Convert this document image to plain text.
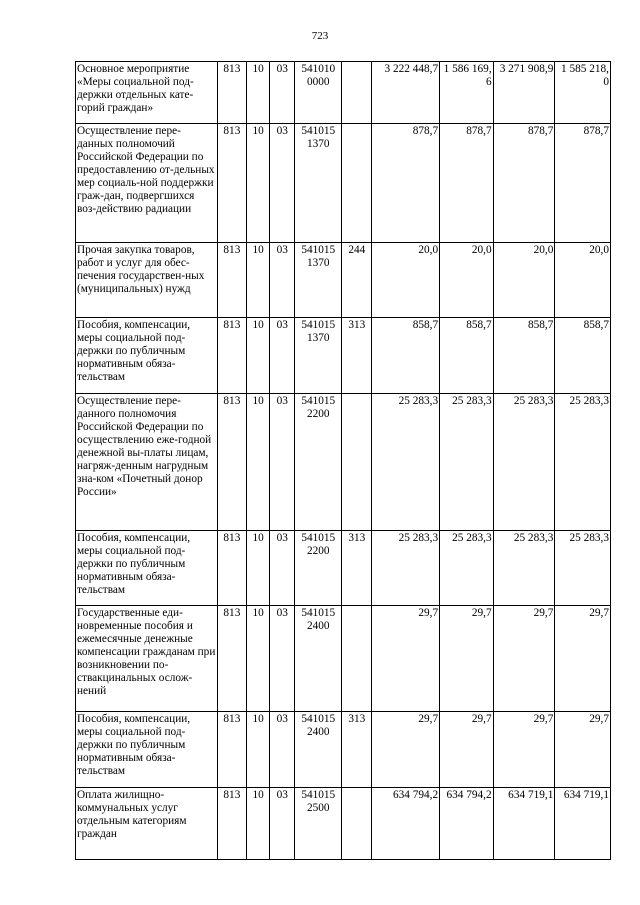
723
Основное мероприятие «Меры социальной под-держки отдельных кате-горий граждан»	813	10	03	541010 0000		3 222 448,7	1 586 169,6	3 271 908,9	1 585 218,0
Осуществление пере-данных полномочий Российской Федерации по предоставлению от-дельных мер социаль-ной поддержки граж-дан, подвергшихся воз-действию радиации	813	10	03	541015 1370		878,7	878,7	878,7	878,7
Прочая закупка товаров, работ и услуг для обес-печения государствен-ных (муниципальных) нужд	813	10	03	541015 1370	244	20,0	20,0	20,0	20,0
Пособия, компенсации, меры социальной под-держки по публичным нормативным обяза-тельствам	813	10	03	541015 1370	313	858,7	858,7	858,7	858,7
Осуществление пере-данного полномочия Российской Федерации по осуществлению еже-годной денежной вы-платы лицам, нагряж-денным нагрудным зна-ком «Почетный донор России»	813	10	03	541015 2200		25 283,3	25 283,3	25 283,3	25 283,3
Пособия, компенсации, меры социальной под-держки по публичным нормативным обяза-тельствам	813	10	03	541015 2200	313	25 283,3	25 283,3	25 283,3	25 283,3
Государственные еди-новременные пособия и ежемесячные денежные компенсации гражданам при возникновении по-ствакцинальных ослож-нений	813	10	03	541015 2400		29,7	29,7	29,7	29,7
Пособия, компенсации, меры социальной под-держки по публичным нормативным обяза-тельствам	813	10	03	541015 2400	313	29,7	29,7	29,7	29,7
Оплата жилищно-коммунальных услуг отдельным категориям граждан	813	10	03	541015 2500		634 794,2	634 794,2	634 719,1	634 719,1
